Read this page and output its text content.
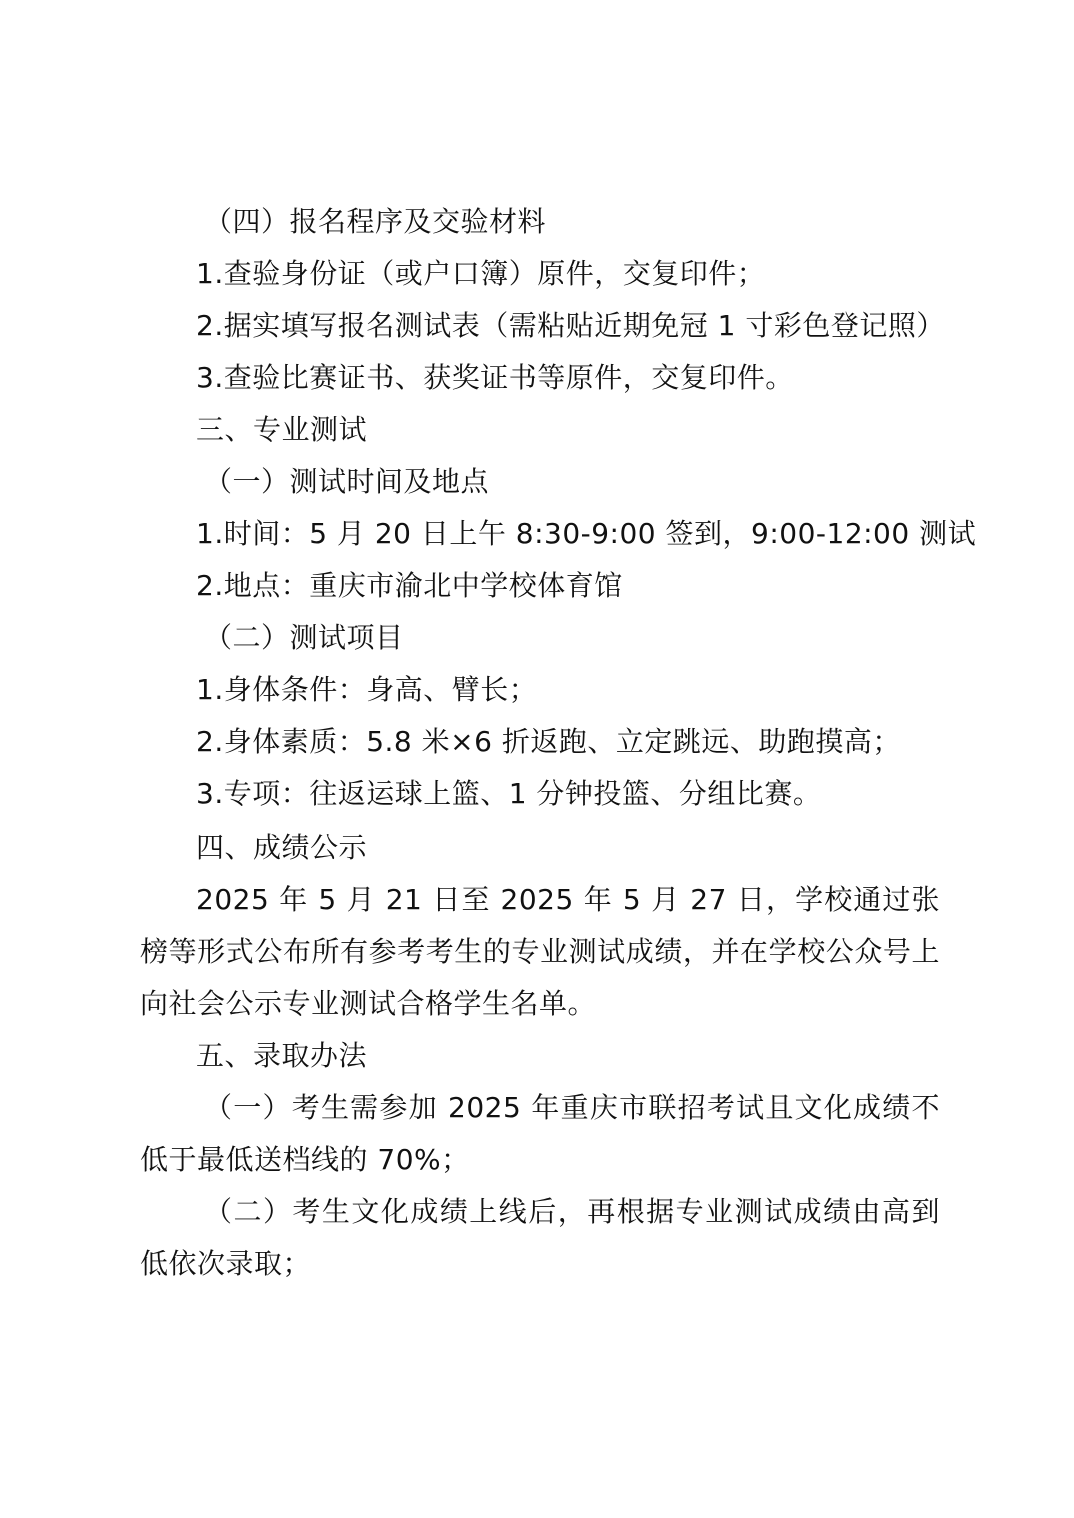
（四）报名程序及交验材料
1.查验身份证（或户口簿）原件，交复印件；
2.据实填写报名测试表（需粘贴近期免冠 1 寸彩色登记照）
3.查验比赛证书、获奖证书等原件，交复印件。
三、专业测试
（一）测试时间及地点
1.时间：5 月 20 日上午 8:30-9:00 签到，9:00-12:00 测试
2.地点：重庆市渝北中学校体育馆
（二）测试项目
1.身体条件：身高、臂长；
2.身体素质：5.8 米×6 折返跑、立定跳远、助跑摸高；
3.专项：往返运球上篮、1 分钟投篮、分组比赛。
四、成绩公示
2025 年 5 月 21 日至 2025 年 5 月 27 日，学校通过张榜等形式公布所有参考考生的专业测试成绩，并在学校公众号上向社会公示专业测试合格学生名单。
五、录取办法
（一）考生需参加 2025 年重庆市联招考试且文化成绩不低于最低送档线的 70%；
（二）考生文化成绩上线后，再根据专业测试成绩由高到低依次录取；
